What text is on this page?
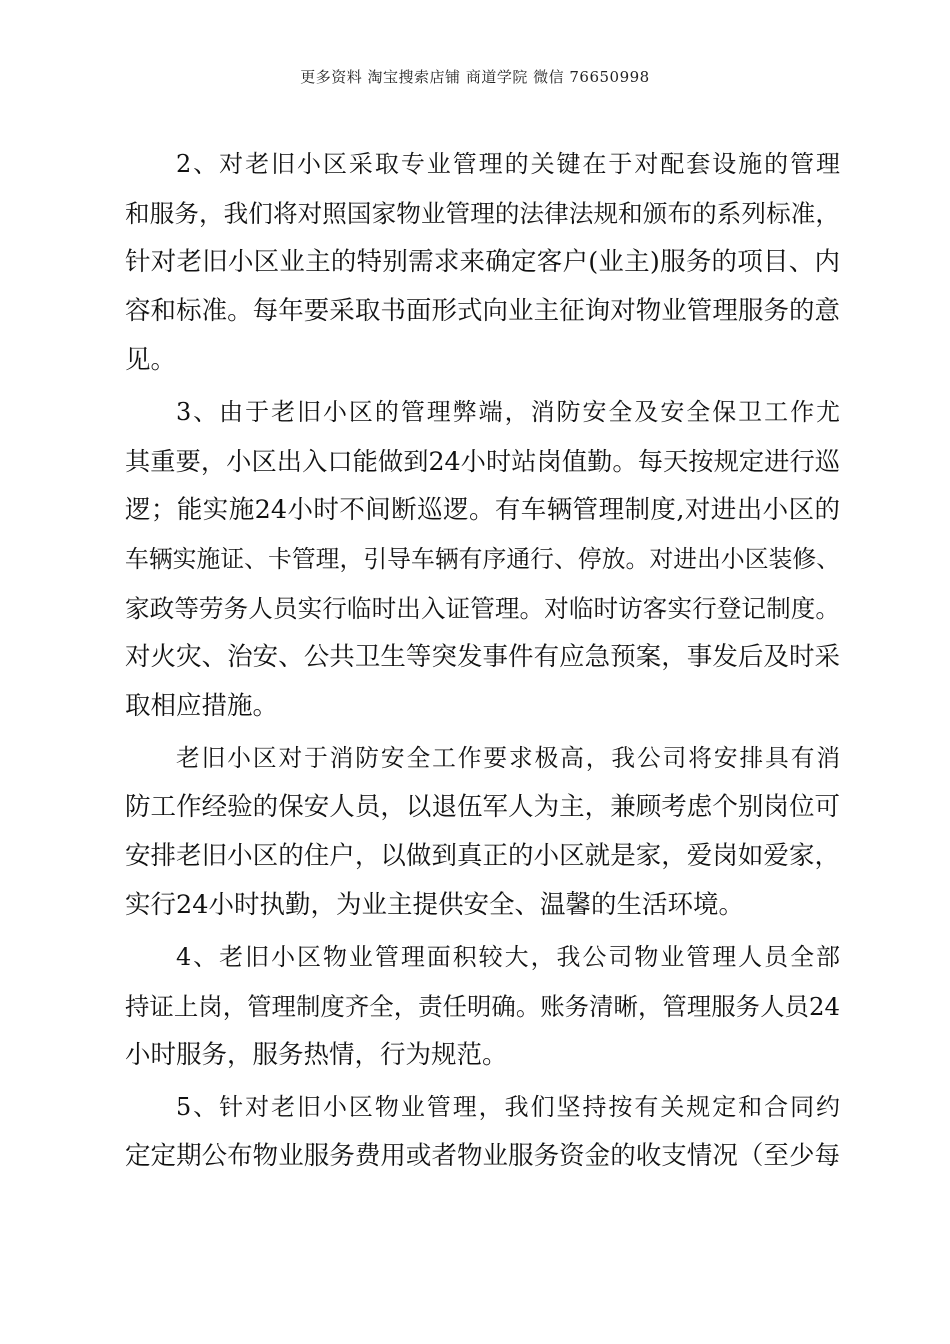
更多资料 淘宝搜索店铺 商道学院 微信 76650998
2、对老旧小区采取专业管理的关键在于对配套设施的管理
和服务，我们将对照国家物业管理的法律法规和颁布的系列标准，
针对老旧小区业主的特别需求来确定客户(业主)服务的项目、内
容和标准。每年要采取书面形式向业主征询对物业管理服务的意
见。
3、由于老旧小区的管理弊端，消防安全及安全保卫工作尤
其重要，小区出入口能做到24小时站岗值勤。每天按规定进行巡
逻；能实施24小时不间断巡逻。有车辆管理制度,对进出小区的
车辆实施证、卡管理，引导车辆有序通行、停放。对进出小区装修、
家政等劳务人员实行临时出入证管理。对临时访客实行登记制度。
对火灾、治安、公共卫生等突发事件有应急预案，事发后及时采
取相应措施。
老旧小区对于消防安全工作要求极高，我公司将安排具有消
防工作经验的保安人员，以退伍军人为主，兼顾考虑个别岗位可
安排老旧小区的住户，以做到真正的小区就是家，爱岗如爱家，
实行24小时执勤，为业主提供安全、温馨的生活环境。
4、老旧小区物业管理面积较大，我公司物业管理人员全部
持证上岗，管理制度齐全，责任明确。账务清晰，管理服务人员24
小时服务，服务热情，行为规范。
5、针对老旧小区物业管理，我们坚持按有关规定和合同约
定定期公布物业服务费用或者物业服务资金的收支情况（至少每
